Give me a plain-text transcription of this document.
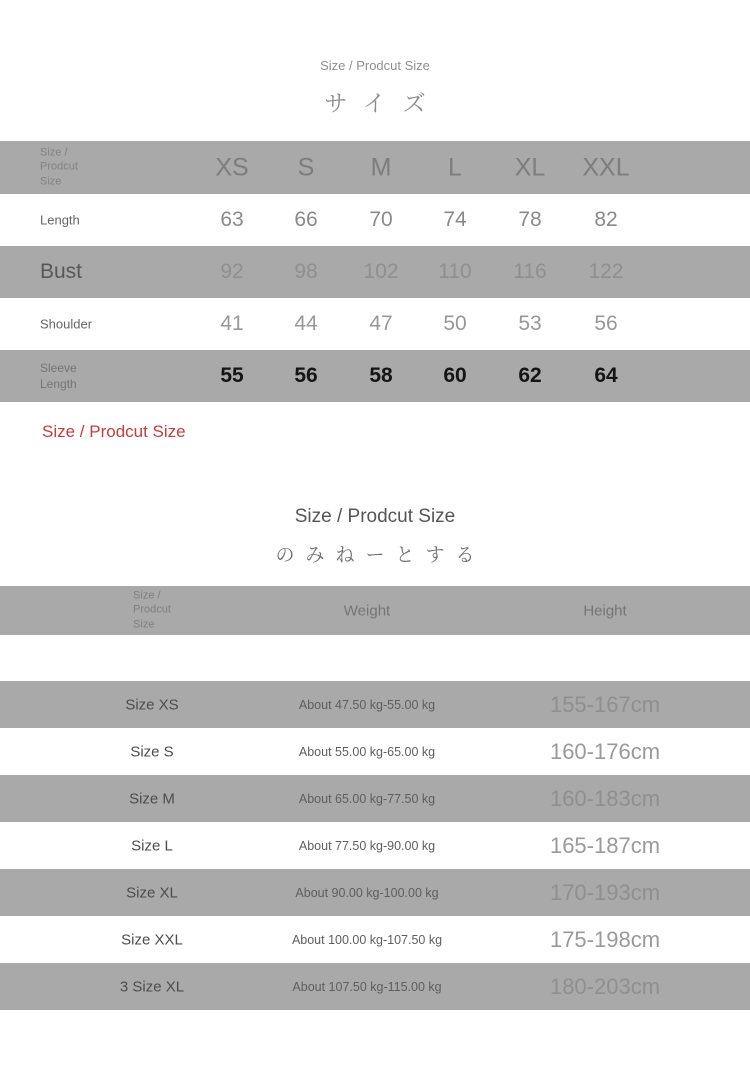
Size / Prodcut Size
サイズ
Size /
Prodcut
Size
XS S M L XL XXL
Length	63 66 70 74 78	82
Bust	92 98 102 110 116 122
Shoulder	41 44 47 50 53	56
Sleeve
Length	55 56 58 60 62	64
Size / Prodcut Size
Size / Prodcut Size
のみねーとする
Size /
Prodcut
Size
Weight	Height
Size XS	About 47.50 kg-55.00 kg	155-167cm
Size S	About 55.00 kg-65.00 kg	160-176cm
Size M	About 65.00 kg-77.50 kg	160-183cm
Size L	About 77.50 kg-90.00 kg	165-187cm
Size XL	About 90.00 kg-100.00 kg	170-193cm
Size XXL	About 100.00 kg-107.50 kg	175-198cm
3 Size XL	About 107.50 kg-115.00 kg	180-203cm
